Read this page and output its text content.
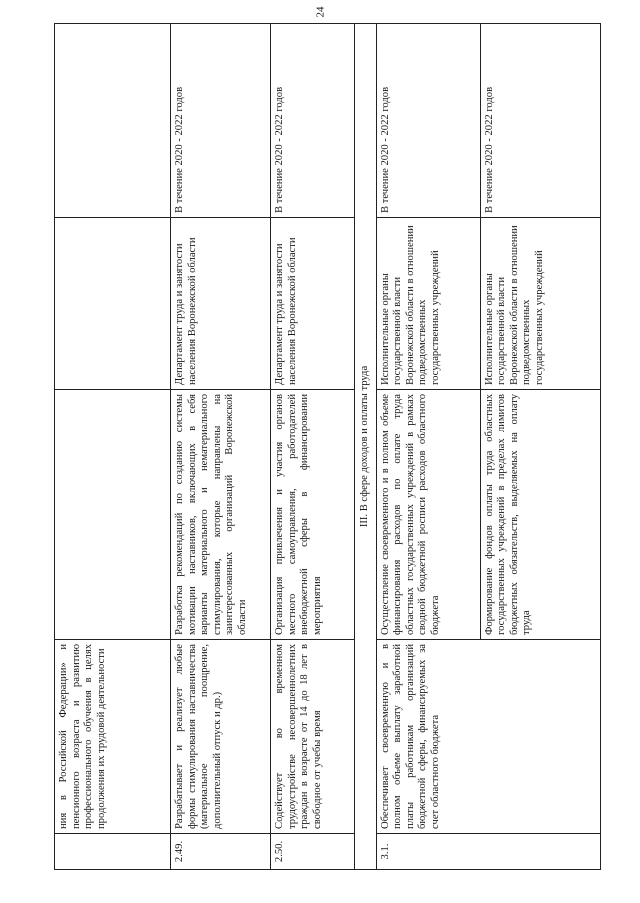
24
	ния в Российской Федерации» и пенсионного возраста и развитию профессионального обучения в целях продолжения их трудовой деятельности			
2.49.	Разрабатывает и реализует любые формы стимулирования наставничества (материальное поощрение, дополнительный отпуск и др.)	Разработка рекомендаций по созданию системы мотивации наставников, включающих в себя варианты материального и нематериального стимулирования, которые направлены на заинтересованных организаций Воронежской области	Департамент труда и занятости населения Воронежской области	В течение 2020 - 2022 годов
2.50.	Содействует во временном трудоустройстве несовершеннолетних граждан в возрасте от 14 до 18 лет в свободное от учебы время	Организация привлечения и участия органов местного самоуправления, работодателей внебюджетной сферы в финансировании мероприятия	Департамент труда и занятости населения Воронежской области	В течение 2020 - 2022 годов
III. В сфере доходов и оплаты труда				
3.1.	Обеспечивает своевременную и в полном объеме выплату заработной платы работникам организаций бюджетной сферы, финансируемых за счет областного бюджета	Осуществление своевременного и в полном объеме финансирования расходов по оплате труда областных государственных учреждений в рамках сводной бюджетной росписи расходов областного бюджета	Исполнительные органы государственной власти Воронежской области в отношении подведомственных государственных учреждений	В течение 2020 - 2022 годов
		Формирование фондов оплаты труда областных государственных учреждений в пределах лимитов бюджетных обязательств, выделяемых на оплату труда	Исполнительные органы государственной власти Воронежской области в отношении подведомственных государственных учреждений	В течение 2020 - 2022 годов
